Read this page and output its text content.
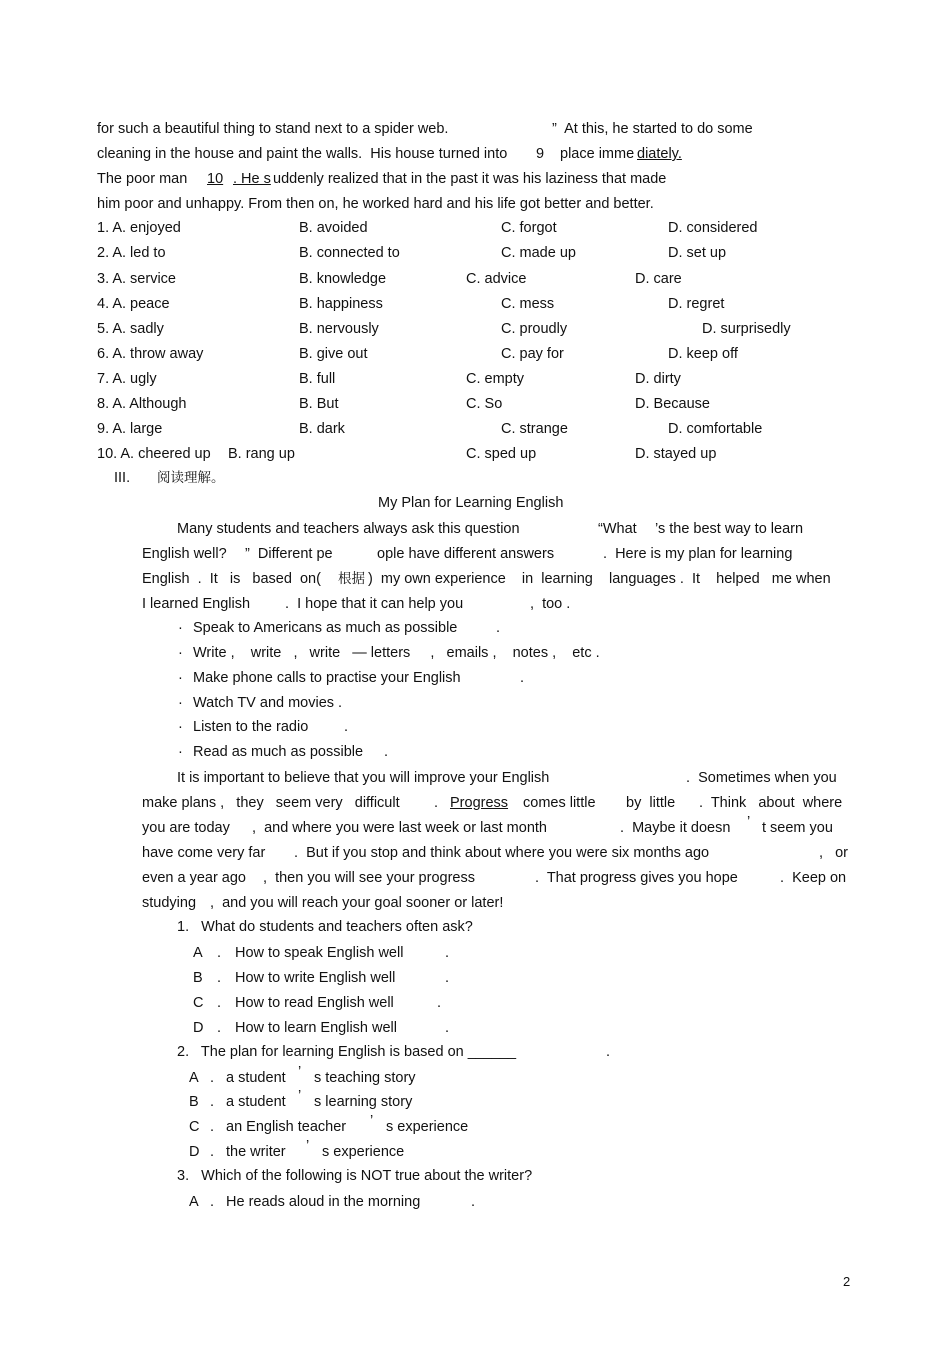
for such a beautiful thing to stand next to a spider web.	”  At this, he started to do some
cleaning in the house and paint the walls.  His house turned into 9 place imme diately.
The poor man 10 . He s uddenly realized that in the past it was his laziness that made
him poor and unhappy. From then on, he worked hard and his life got better and better.
1. A. enjoyed	B. avoided	C. forgot	D. considered
2. A. led to	B. connected to	C. made up	D. set up
3. A. service	B. knowledge	C. advice	D. care
4. A. peace	B. happiness	C. mess	D. regret
5. A. sadly	B. nervously	C. proudly	D. surprisedly
6. A. throw away	B. give out	C. pay for	D. keep off
7. A. ugly	B. full	C. empty	D. dirty
8. A. Although	B. But	C. So	D. Because
9. A. large	B. dark	C. strange	D. comfortable
10. A. cheered up B. rang up	C. sped up	D. stayed up
III. 阅读理解。
My Plan for Learning English
Many students and teachers always ask this question	“What ’s the best way to learn
English well? ”  Different pe	ople have different answers	.  Here is my plan for learning
English  .  It   is   based  on( 根据 )  my own experience    in  learning    languages .  It    helped   me when
I learned English .  I hope that it can help you	,  too .
· Speak to Americans as much as possible	.
· Write ,    write   ,   write   — letters     ,   emails ,    notes ,    etc .
· Make phone calls to practise your English	.
· Watch TV and movies .
· Listen to the radio .
· Read as much as possible .
It is important to believe that you will improve your English	.  Sometimes when you
make plans ,   they   seem very   difficult . Progress	comes little by  little .  Think   about  where
you are today ,  and where you were last week or last month	.  Maybe it doesn ’ t seem you
have come very far .  But if you stop and think about where you were six months ago	,   or
even a year ago ,  then you will see your progress	.  That progress gives you hope	.  Keep on
studying ,  and you will reach your goal sooner or later!
1.   What do students and teachers often ask?
A . How to speak English well	.
B . How to write English well	.
C . How to read English well	.
D . How to learn English well	.
2.   The plan for learning English is based on ______	.
A . a student ’ s teaching story
B . a student ’ s learning story
C . an English teacher ’ s experience
D . the writer ’ s experience
3.   Which of the following is NOT true about the writer?
A . He reads aloud in the morning	.
2
